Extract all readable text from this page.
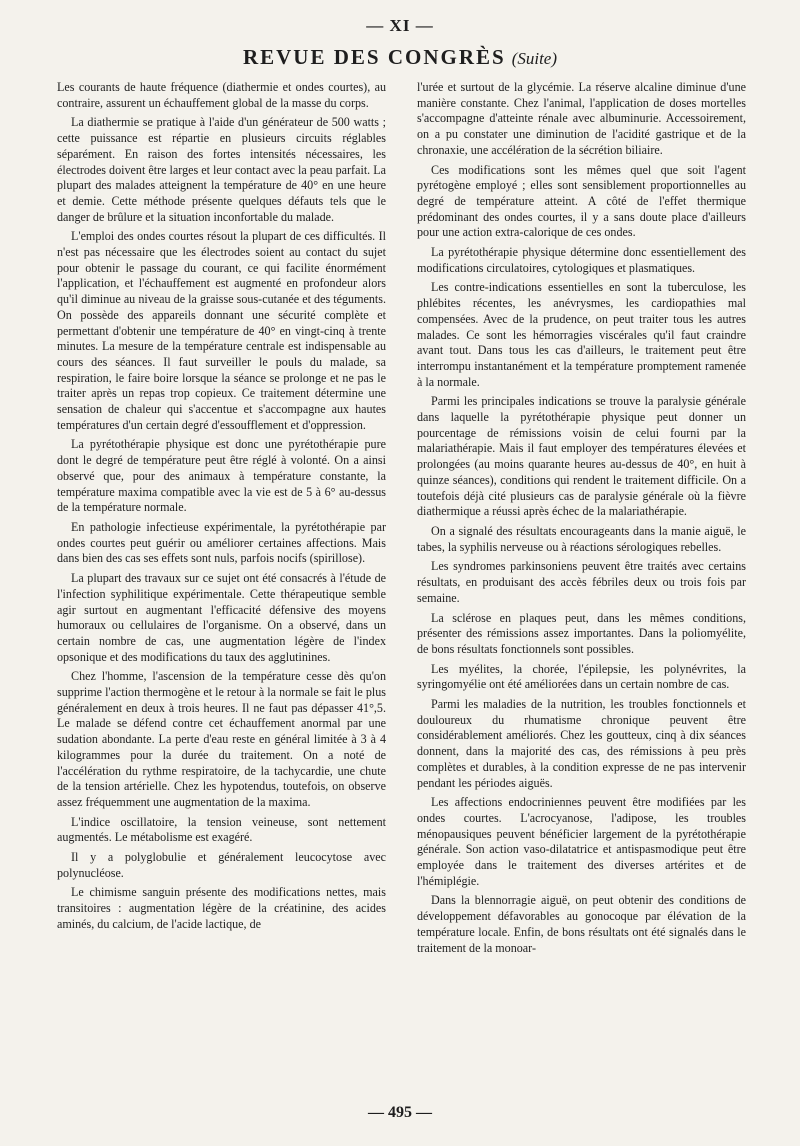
— XI —
REVUE DES CONGRÈS (Suite)

Les courants de haute fréquence (diathermie et ondes courtes), au contraire, assurent un échauffement global de la masse du corps.

La diathermie se pratique à l'aide d'un générateur de 500 watts ; cette puissance est répartie en plusieurs circuits réglables séparément. En raison des fortes intensités nécessaires, les électrodes doivent être larges et leur contact avec la peau parfait. La plupart des malades atteignent la température de 40° en une heure et demie. Cette méthode présente quelques défauts tels que le danger de brûlure et la situation inconfortable du malade.

L'emploi des ondes courtes résout la plupart de ces difficultés. Il n'est pas nécessaire que les électrodes soient au contact du sujet pour obtenir le passage du courant, ce qui facilite énormément l'application, et l'échauffement est augmenté en profondeur alors qu'il diminue au niveau de la graisse sous-cutanée et des téguments. On possède des appareils donnant une sécurité complète et permettant d'obtenir une température de 40° en vingt-cinq à trente minutes. La mesure de la température centrale est indispensable au cours des séances. Il faut surveiller le pouls du malade, sa respiration, le faire boire lorsque la séance se prolonge et ne pas le traiter après un repas trop copieux. Ce traitement détermine une sensation de chaleur qui s'accentue et s'accompagne aux hautes températures d'un certain degré d'essoufflement et d'oppression.

La pyrétothérapie physique est donc une pyrétothérapie pure dont le degré de température peut être réglé à volonté. On a ainsi observé que, pour des animaux à température constante, la température maxima compatible avec la vie est de 5 à 6° au-dessus de la température normale.

En pathologie infectieuse expérimentale, la pyrétothérapie par ondes courtes peut guérir ou améliorer certaines affections. Mais dans bien des cas ses effets sont nuls, parfois nocifs (spirillose).

La plupart des travaux sur ce sujet ont été consacrés à l'étude de l'infection syphilitique expérimentale. Cette thérapeutique semble agir surtout en augmentant l'efficacité défensive des moyens humoraux ou cellulaires de l'organisme. On a observé, dans un certain nombre de cas, une augmentation légère de l'index opsonique et des modifications du taux des agglutinines.

Chez l'homme, l'ascension de la température cesse dès qu'on supprime l'action thermogène et le retour à la normale se fait le plus généralement en deux à trois heures. Il ne faut pas dépasser 41°,5. Le malade se défend contre cet échauffement anormal par une sudation abondante. La perte d'eau reste en général limitée à 3 à 4 kilogrammes pour la durée du traitement. On a noté de l'accélération du rythme respiratoire, de la tachycardie, une chute de la tension artérielle. Chez les hypotendus, toutefois, on observe assez fréquemment une augmentation de la maxima.

L'indice oscillatoire, la tension veineuse, sont nettement augmentés. Le métabolisme est exagéré.

Il y a polyglobulie et généralement leucocytose avec polynucléose.

Le chimisme sanguin présente des modifications nettes, mais transitoires : augmentation légère de la créatinine, des acides aminés, du calcium, de l'acide lactique, de

l'urée et surtout de la glycémie. La réserve alcaline diminue d'une manière constante. Chez l'animal, l'application de doses mortelles s'accompagne d'atteinte rénale avec albuminurie. Accessoirement, on a pu constater une diminution de l'acidité gastrique et de la chronaxie, une accélération de la sécrétion biliaire.

Ces modifications sont les mêmes quel que soit l'agent pyrétogène employé ; elles sont sensiblement proportionnelles au degré de température atteint. A côté de l'effet thermique prédominant des ondes courtes, il y a sans doute place d'ailleurs pour une action extra-calorique de ces ondes.

La pyrétothérapie physique détermine donc essentiellement des modifications circulatoires, cytologiques et plasmatiques.

Les contre-indications essentielles en sont la tuberculose, les phlébites récentes, les anévrysmes, les cardiopathies mal compensées. Avec de la prudence, on peut traiter tous les autres malades. Ce sont les hémorragies viscérales qu'il faut craindre avant tout. Dans tous les cas d'ailleurs, le traitement peut être interrompu instantanément et la température promptement ramenée à la normale.

Parmi les principales indications se trouve la paralysie générale dans laquelle la pyrétothérapie physique peut donner un pourcentage de rémissions voisin de celui fourni par la malariathérapie. Mais il faut employer des températures élevées et prolongées (au moins quarante heures au-dessus de 40°, en huit à quinze séances), conditions qui rendent le traitement difficile. On a toutefois déjà cité plusieurs cas de paralysie générale où la fièvre diathermique a réussi après échec de la malariathérapie.

On a signalé des résultats encourageants dans la manie aiguë, le tabes, la syphilis nerveuse ou à réactions sérologiques rebelles.

Les syndromes parkinsoniens peuvent être traités avec certains résultats, en produisant des accès fébriles deux ou trois fois par semaine.

La sclérose en plaques peut, dans les mêmes conditions, présenter des rémissions assez importantes. Dans la poliomyélite, de bons résultats fonctionnels sont possibles.

Les myélites, la chorée, l'épilepsie, les polynévrites, la syringomyélie ont été améliorées dans un certain nombre de cas.

Parmi les maladies de la nutrition, les troubles fonctionnels et douloureux du rhumatisme chronique peuvent être considérablement améliorés. Chez les goutteux, cinq à dix séances donnent, dans la majorité des cas, des rémissions à peu près complètes et durables, à la condition expresse de ne pas intervenir pendant les périodes aiguës.

Les affections endocriniennes peuvent être modifiées par les ondes courtes. L'acrocyanose, l'adipose, les troubles ménopausiques peuvent bénéficier largement de la pyrétothérapie générale. Son action vaso-dilatatrice et antispasmodique peut être employée dans le traitement des diverses artérites et de l'hémiplégie.

Dans la blennorragie aiguë, on peut obtenir des conditions de développement défavorables au gonocoque par élévation de la température locale. Enfin, de bons résultats ont été signalés dans le traitement de la monoar-

— 495 —
